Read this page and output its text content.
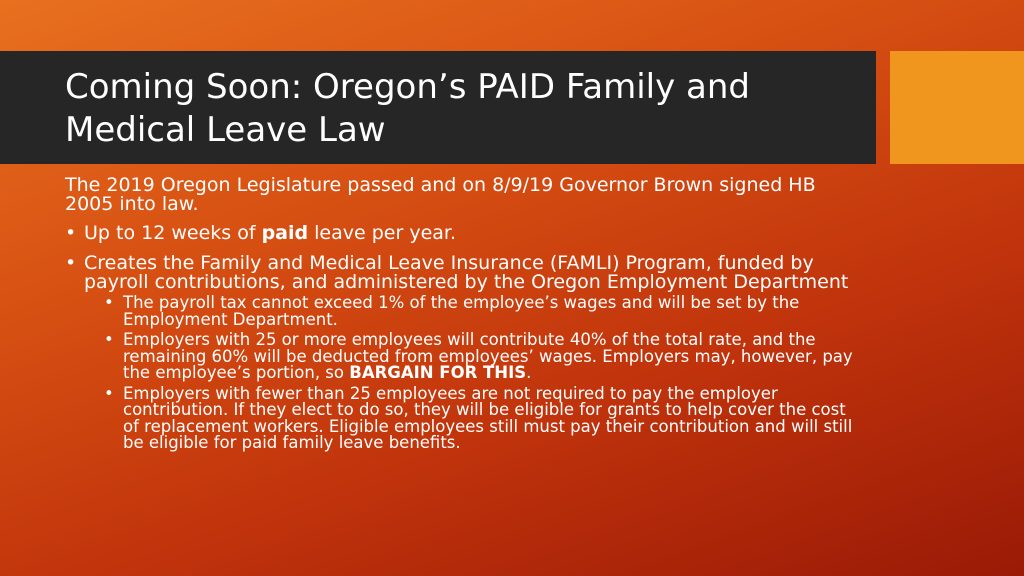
Coming Soon: Oregon’s PAID Family and
Medical Leave Law

The 2019 Oregon Legislature passed and on 8/9/19 Governor Brown signed HB 2005 into law.

• Up to 12 weeks of paid leave per year.
• Creates the Family and Medical Leave Insurance (FAMLI) Program, funded by payroll contributions, and administered by the Oregon Employment Department
• The payroll tax cannot exceed 1% of the employee’s wages and will be set by the Employment Department.
• Employers with 25 or more employees will contribute 40% of the total rate, and the remaining 60% will be deducted from employees’ wages. Employers may, however, pay the employee’s portion, so BARGAIN FOR THIS.
• Employers with fewer than 25 employees are not required to pay the employer contribution. If they elect to do so, they will be eligible for grants to help cover the cost of replacement workers. Eligible employees still must pay their contribution and will still be eligible for paid family leave benefits.
